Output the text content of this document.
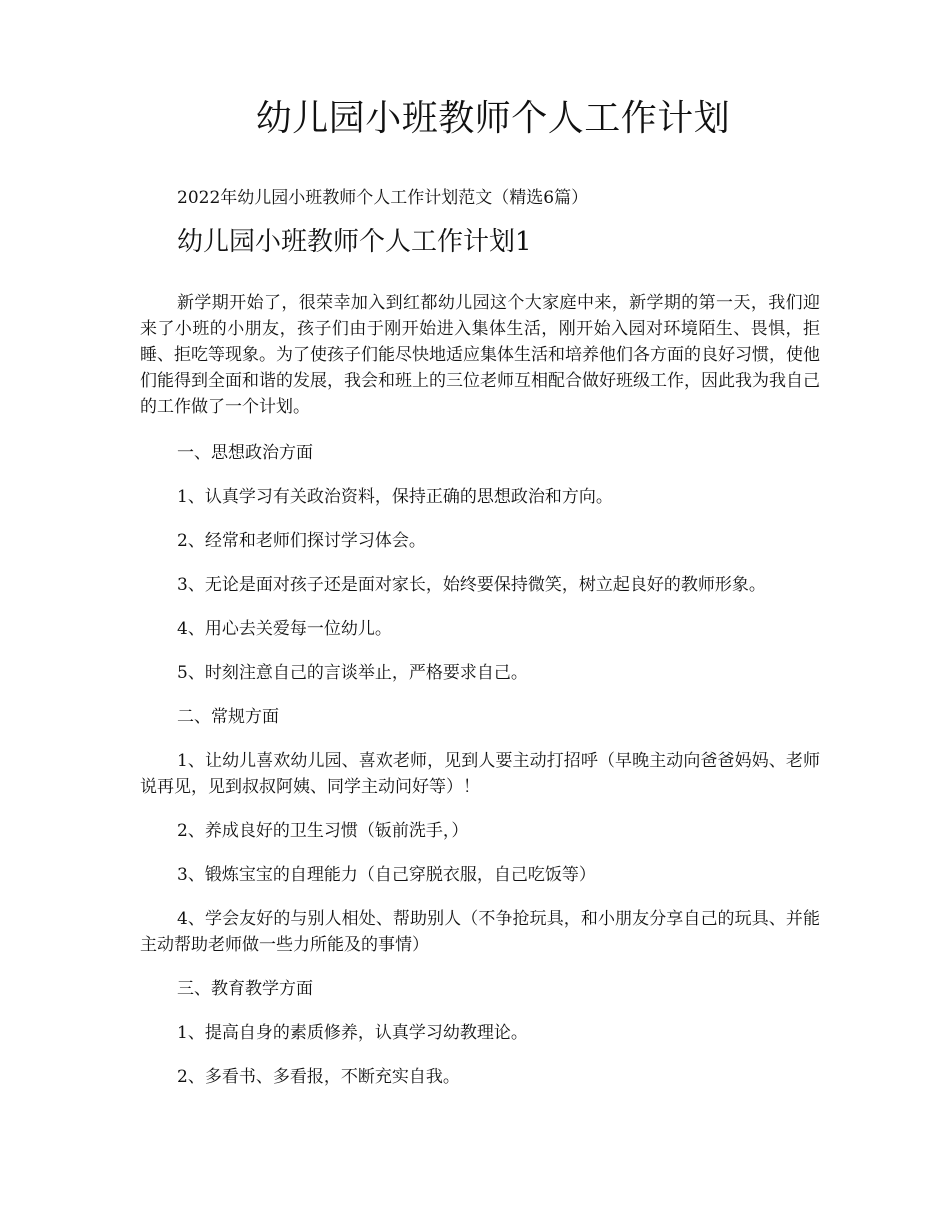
幼儿园小班教师个人工作计划
2022年幼儿园小班教师个人工作计划范文（精选6篇）
幼儿园小班教师个人工作计划1

新学期开始了，很荣幸加入到红都幼儿园这个大家庭中来，新学期的第一天，我们迎来了小班的小朋友，孩子们由于刚开始进入集体生活，刚开始入园对环境陌生、畏惧，拒睡、拒吃等现象。为了使孩子们能尽快地适应集体生活和培养他们各方面的良好习惯，使他们能得到全面和谐的发展，我会和班上的三位老师互相配合做好班级工作，因此我为我自己的工作做了一个计划。

一、思想政治方面

1、认真学习有关政治资料，保持正确的思想政治和方向。

2、经常和老师们探讨学习体会。

3、无论是面对孩子还是面对家长，始终要保持微笑，树立起良好的教师形象。

4、用心去关爱每一位幼儿。

5、时刻注意自己的言谈举止，严格要求自己。

二、常规方面

1、让幼儿喜欢幼儿园、喜欢老师，见到人要主动打招呼（早晚主动向爸爸妈妈、老师说再见，见到叔叔阿姨、同学主动问好等）！

2、养成良好的卫生习惯（钣前洗手，）

3、锻炼宝宝的自理能力（自己穿脱衣服，自己吃饭等）

4、学会友好的与别人相处、帮助别人（不争抢玩具，和小朋友分享自己的玩具、并能主动帮助老师做一些力所能及的事情）

三、教育教学方面

1、提高自身的素质修养，认真学习幼教理论。

2、多看书、多看报，不断充实自我。
